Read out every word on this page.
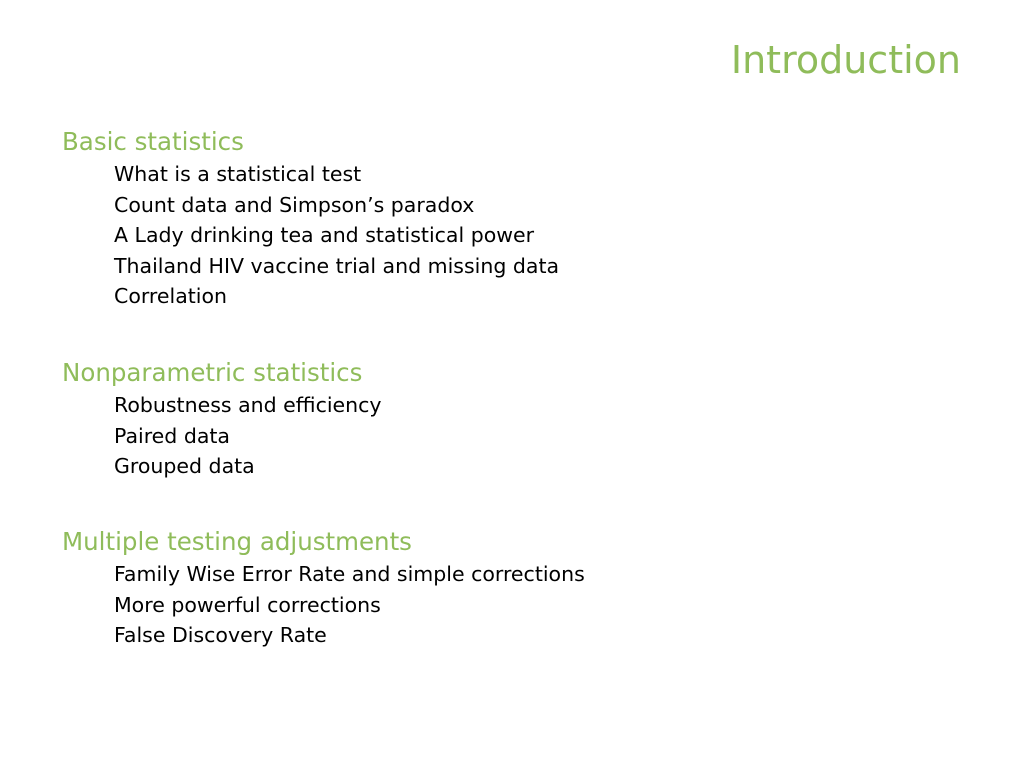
Introduction
Basic statistics
What is a statistical test
Count data and Simpson’s paradox
A Lady drinking tea and statistical power
Thailand HIV vaccine trial and missing data
Correlation
Nonparametric statistics
Robustness and efficiency
Paired data
Grouped data
Multiple testing adjustments
Family Wise Error Rate and simple corrections
More powerful corrections
False Discovery Rate
